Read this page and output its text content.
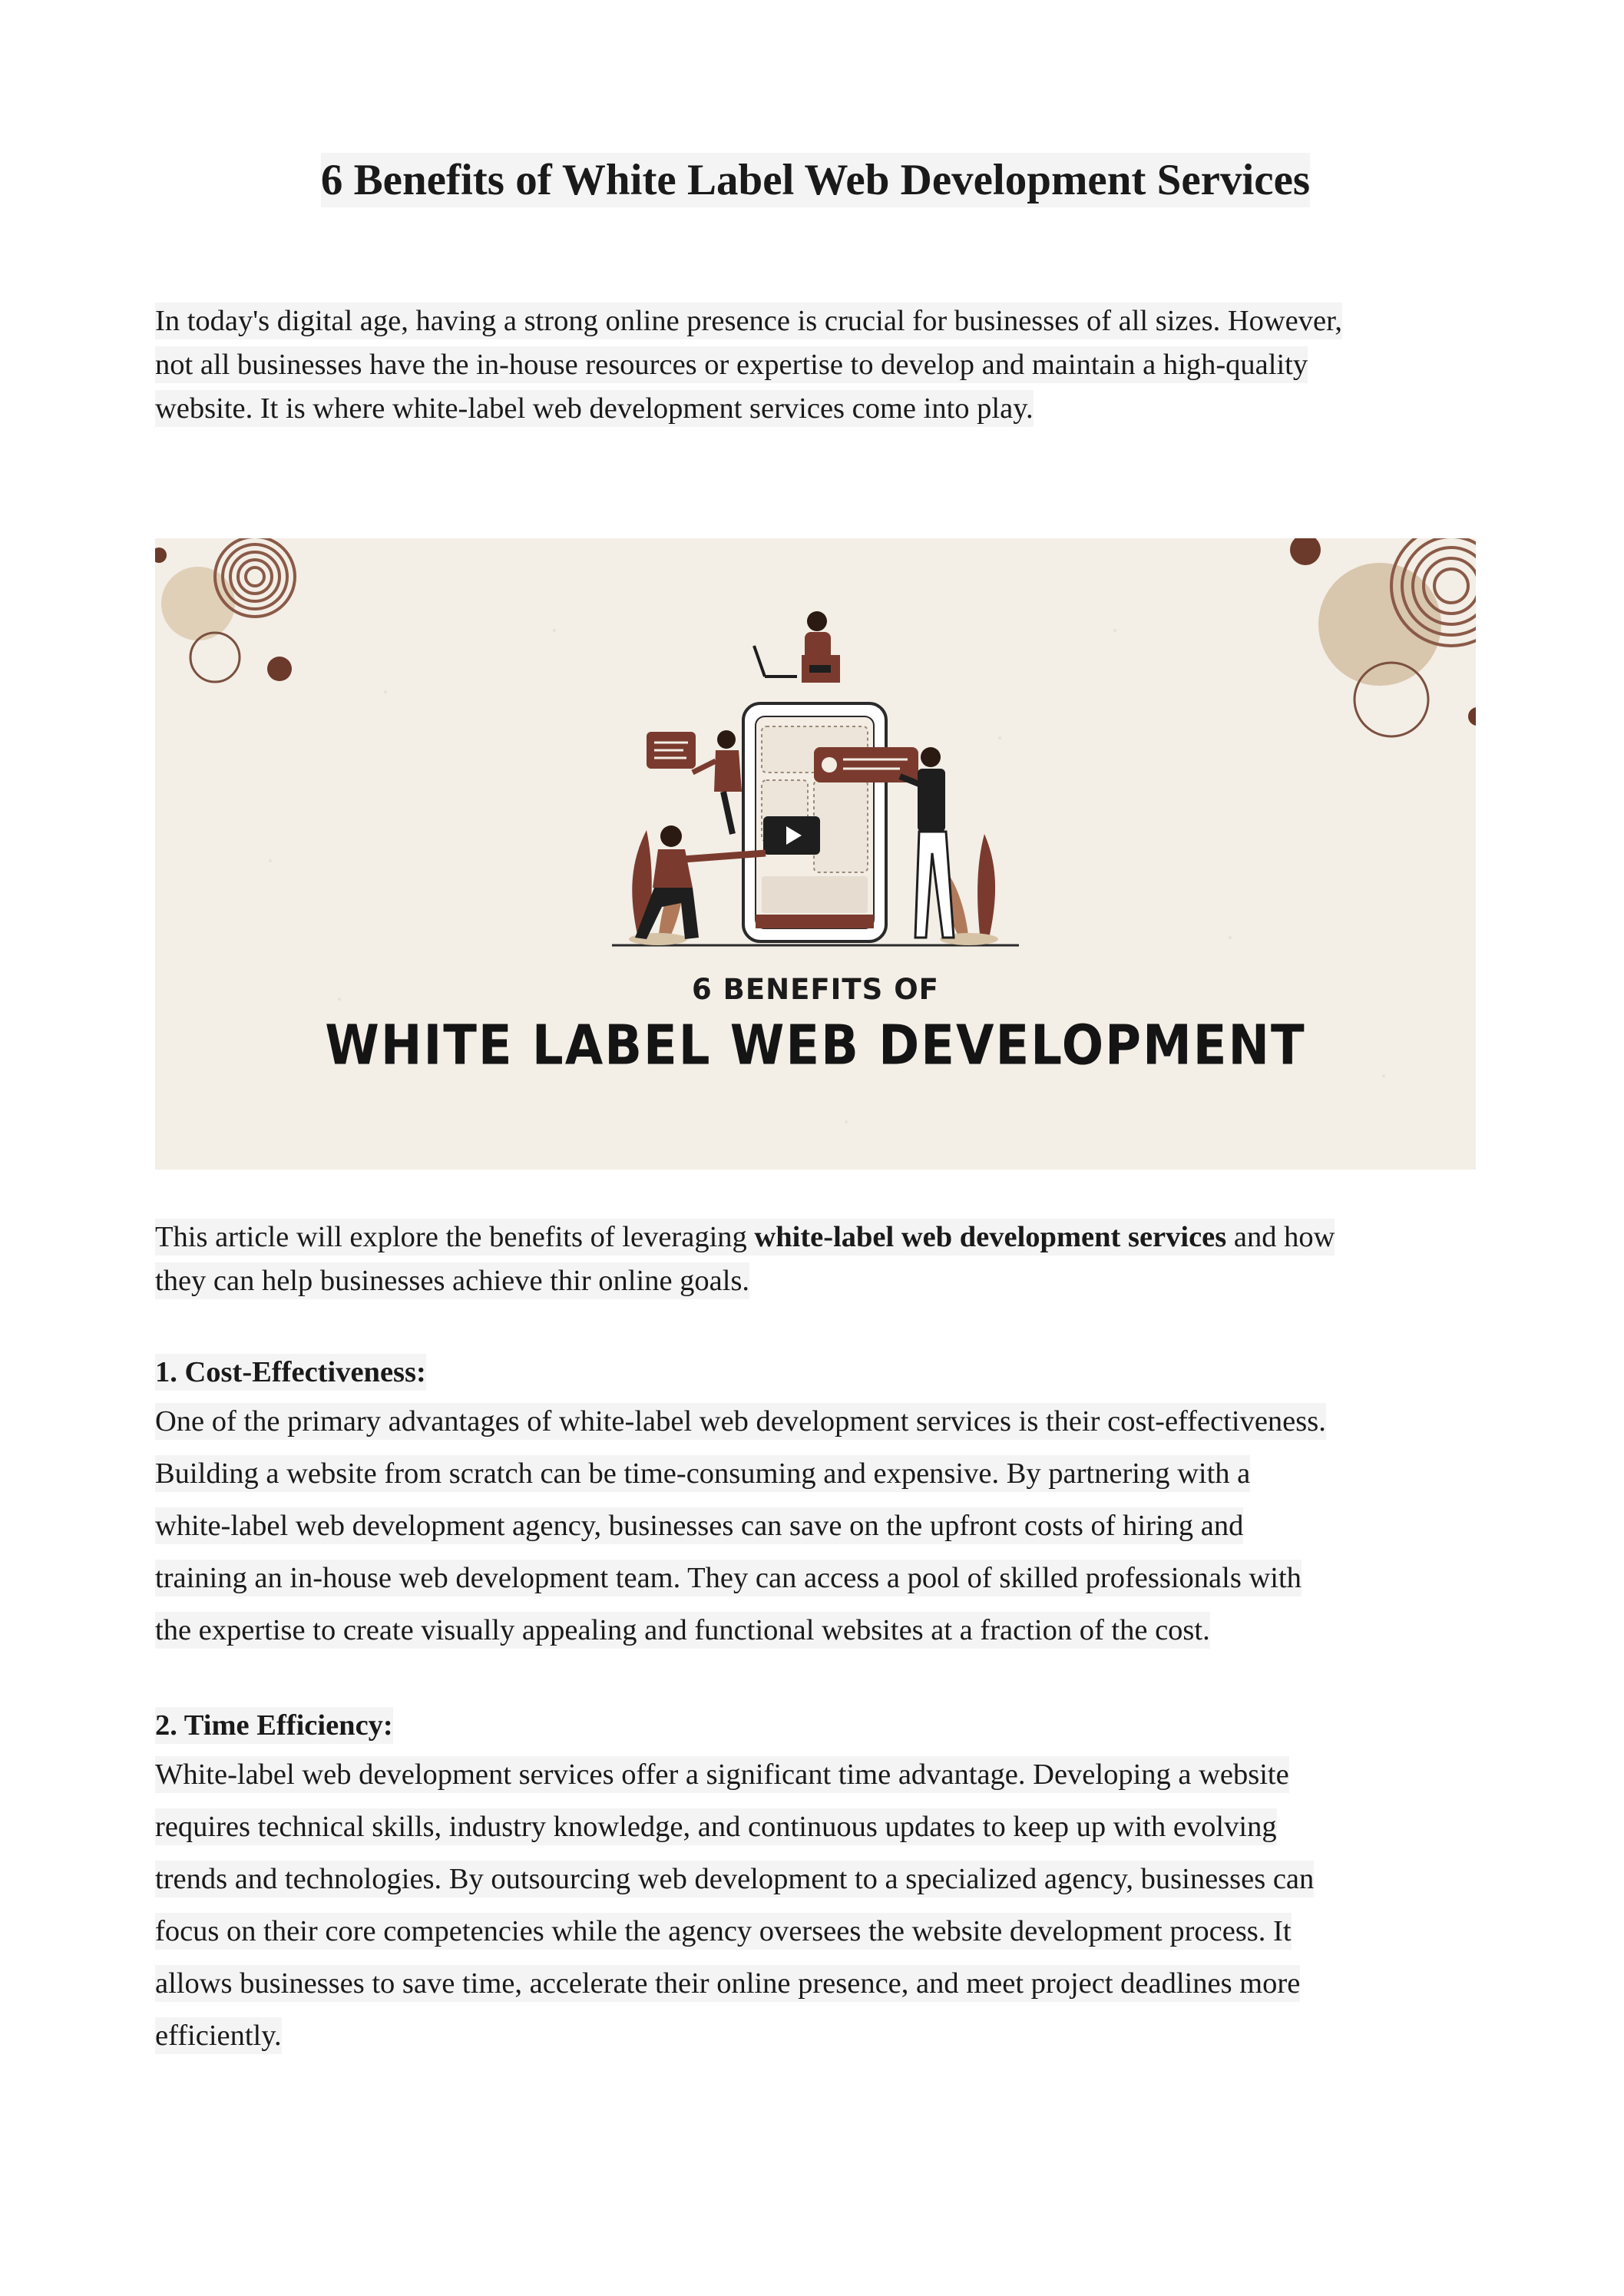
6 Benefits of White Label Web Development Services
In today's digital age, having a strong online presence is crucial for businesses of all sizes. However,
not all businesses have the in-house resources or expertise to develop and maintain a high-quality
website. It is where white-label web development services come into play.
6 BENEFITS OF
WHITE LABEL WEB DEVELOPMENT
This article will explore the benefits of leveraging white-label web development services and how
they can help businesses achieve thir online goals.
1. Cost-Effectiveness:

One of the primary advantages of white-label web development services is their cost-effectiveness.
Building a website from scratch can be time-consuming and expensive. By partnering with a
white-label web development agency, businesses can save on the upfront costs of hiring and
training an in-house web development team. They can access a pool of skilled professionals with
the expertise to create visually appealing and functional websites at a fraction of the cost.

2. Time Efficiency:

White-label web development services offer a significant time advantage. Developing a website
requires technical skills, industry knowledge, and continuous updates to keep up with evolving
trends and technologies. By outsourcing web development to a specialized agency, businesses can
focus on their core competencies while the agency oversees the website development process. It
allows businesses to save time, accelerate their online presence, and meet project deadlines more
efficiently.
